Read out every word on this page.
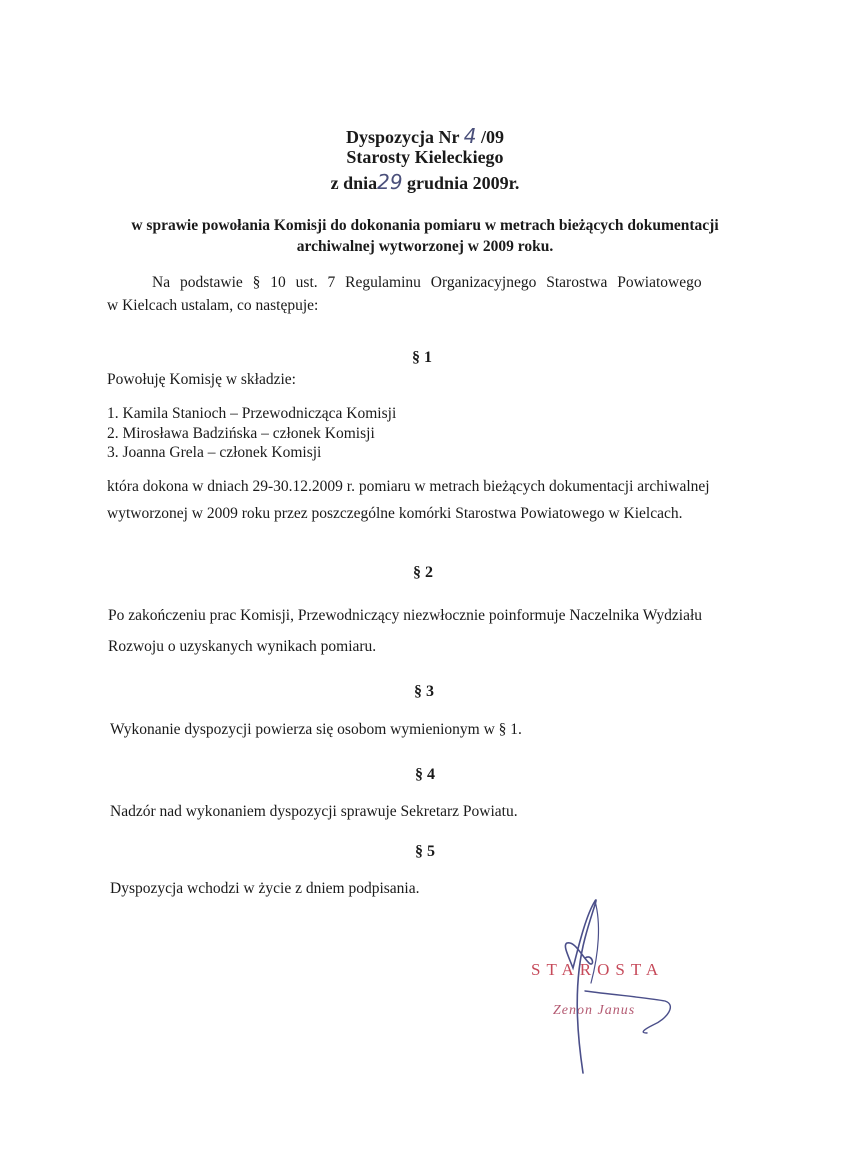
Dyspozycja Nr 4 /09
Starosty Kieleckiego
z dnia29 grudnia 2009r.
w sprawie powołania Komisji do dokonania pomiaru w metrach bieżących dokumentacji
archiwalnej wytworzonej w 2009 roku.
Na podstawie § 10 ust. 7 Regulaminu Organizacyjnego Starostwa Powiatowego
w Kielcach ustalam, co następuje:
§ 1
Powołuję Komisję w składzie:
1. Kamila Stanioch – Przewodnicząca Komisji
2. Mirosława Badzińska – członek Komisji
3. Joanna Grela – członek Komisji
która dokona w dniach 29-30.12.2009 r. pomiaru w metrach bieżących dokumentacji archiwalnej
wytworzonej w 2009 roku przez poszczególne komórki Starostwa Powiatowego w Kielcach.
§ 2
Po zakończeniu prac Komisji, Przewodniczący niezwłocznie poinformuje Naczelnika Wydziału
Rozwoju o uzyskanych wynikach pomiaru.
§ 3
Wykonanie dyspozycji powierza się osobom wymienionym w § 1.
§ 4
Nadzór nad wykonaniem dyspozycji sprawuje Sekretarz Powiatu.
§ 5
Dyspozycja wchodzi w życie z dniem podpisania.
STAROSTA
Zenon Janus
